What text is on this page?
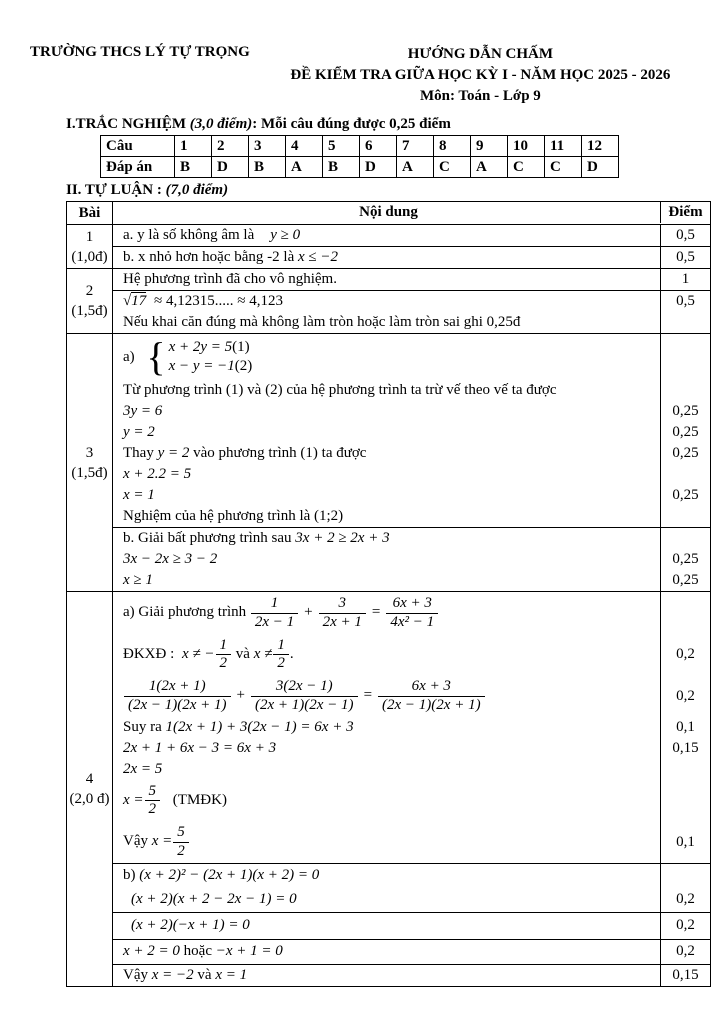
TRƯỜNG THCS LÝ TỰ TRỌNG	HƯỚNG DẪN CHẤM
ĐỀ KIỂM TRA GIỮA HỌC KỲ I - NĂM HỌC 2025 - 2026
Môn: Toán - Lớp 9
I.TRẮC NGHIỆM (3,0 điểm): Mỗi câu đúng được 0,25 điểm
Câu	1	2	3	4	5	6	7	8	9	10	11	12
Đáp án	B	D	B	A	B	D	A	C	A	C	C	D
II. TỰ LUẬN : (7,0 điểm)
Bài	Nội dung	Điểm
1
(1,0đ)
a. y là số không âm là y ≥ 0	0,5
b. x nhỏ hơn hoặc bằng -2 là x ≤ −2	0,5
2
(1,5đ)
Hệ phương trình đã cho vô nghiệm.	1
√17 ≈ 4,12315..... ≈ 4,123	0,5
Nếu khai căn đúng mà không làm tròn hoặc làm tròn sai ghi 0,25đ
3
(1,5đ)
a) { x + 2y = 5(1)
x − y = −1(2)
Từ phương trình (1) và (2) của hệ phương trình ta trừ vế theo vế ta được
3y = 6	0,25
y = 2	0,25
Thay y = 2 vào phương trình (1) ta được	0,25
x + 2.2 = 5
x = 1	0,25
Nghiệm của hệ phương trình là (1;2)
b. Giải bất phương trình sau 3x + 2 ≥ 2x + 3
3x − 2x ≥ 3 − 2	0,25
x ≥ 1	0,25
4
(2,0 đ)
a) Giải phương trình $\frac{1}{2x - 1} + \frac{3}{2x + 1} = \frac{6x + 3}{\text{4x² − 1}}$
ĐKXĐ : x ≠ − $\frac{1}{2}$ và $x \ne \frac{1}{2}$ .	0,2
$\frac{1(2x + 1)}{(2x - 1)(2x + 1)} + \frac{3(2x - 1)}{(2x + 1)(2x - 1)} = \frac{6x + 3}{(2x - 1)(2x + 1)}$	0,2
Suy ra 1(2x + 1) + 3(2x − 1) = 6x + 3	0,1
2x + 1 + 6x − 3 = 6x + 3	0,15
2x = 5
$x = \frac{5}{2}$ (TMĐK)
Vậy $x = \frac{5}{2}$	0,1
b) (x + 2)² − (2x + 1)(x + 2) = 0
(x + 2)(x + 2 − 2x − 1) = 0	0,2
(x + 2)(−x + 1) = 0	0,2
x + 2 = 0 hoặc −x + 1 = 0	0,2
Vậy x = −2 và x = 1	0,15
